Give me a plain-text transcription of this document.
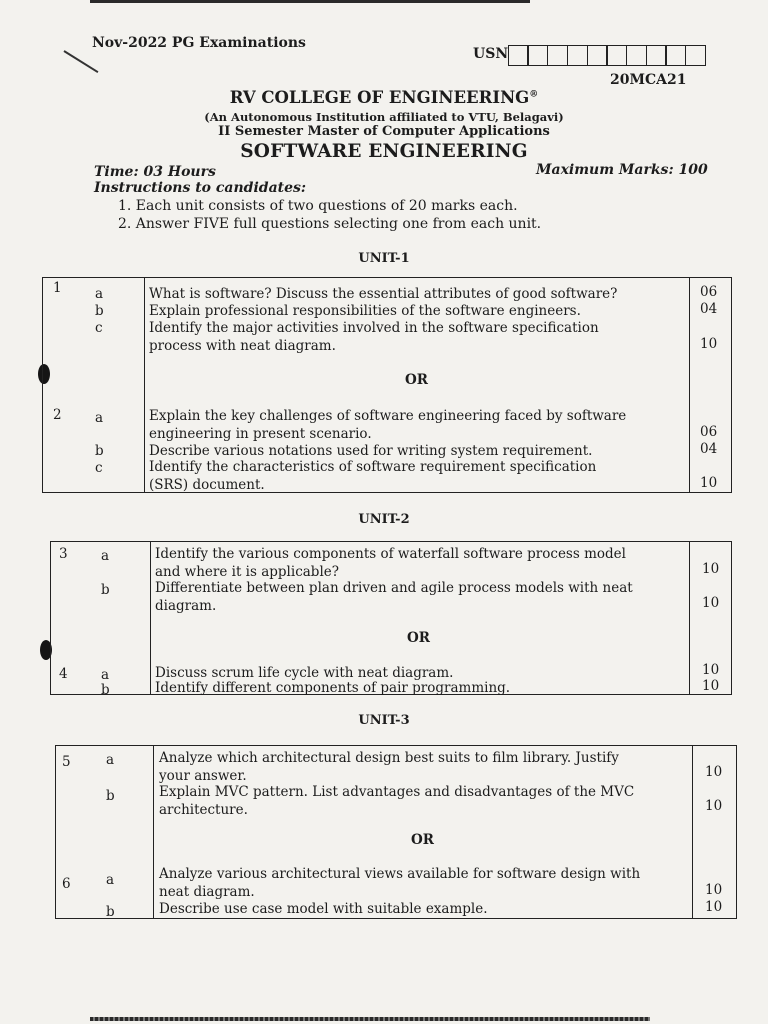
Nov-2022 PG Examinations
USN
20MCA21
RV COLLEGE OF ENGINEERING®
(An Autonomous Institution affiliated to VTU, Belagavi)
II Semester Master of Computer Applications
SOFTWARE ENGINEERING
Time: 03 Hours	Maximum Marks: 100
Instructions to candidates:
1. Each unit consists of two questions of 20 marks each.
2. Answer FIVE full questions selecting one from each unit.
UNIT-1
1 a	What is software? Discuss the essential attributes of good software?	06
b	Explain professional responsibilities of the software engineers.	04
c	Identify the major activities involved in the software specification
process with neat diagram.	10
OR
2 a	Explain the key challenges of software engineering faced by software
engineering in present scenario.	06
b	Describe various notations used for writing system requirement.	04
c	Identify the characteristics of software requirement specification
(SRS) document.	10
UNIT-2
3 a	Identify the various components of waterfall software process model
and where it is applicable?	10
b	Differentiate between plan driven and agile process models with neat
diagram.	10
OR
4 a	Discuss scrum life cycle with neat diagram.	10
b	Identify different components of pair programming.	10
UNIT-3
5	a	Analyze which architectural design best suits to film library. Justify
your answer.	10
b	Explain MVC pattern. List advantages and disadvantages of the MVC
architecture.	10
OR
6	a	Analyze various architectural views available for software design with
neat diagram.	10
b	Describe use case model with suitable example.	10
